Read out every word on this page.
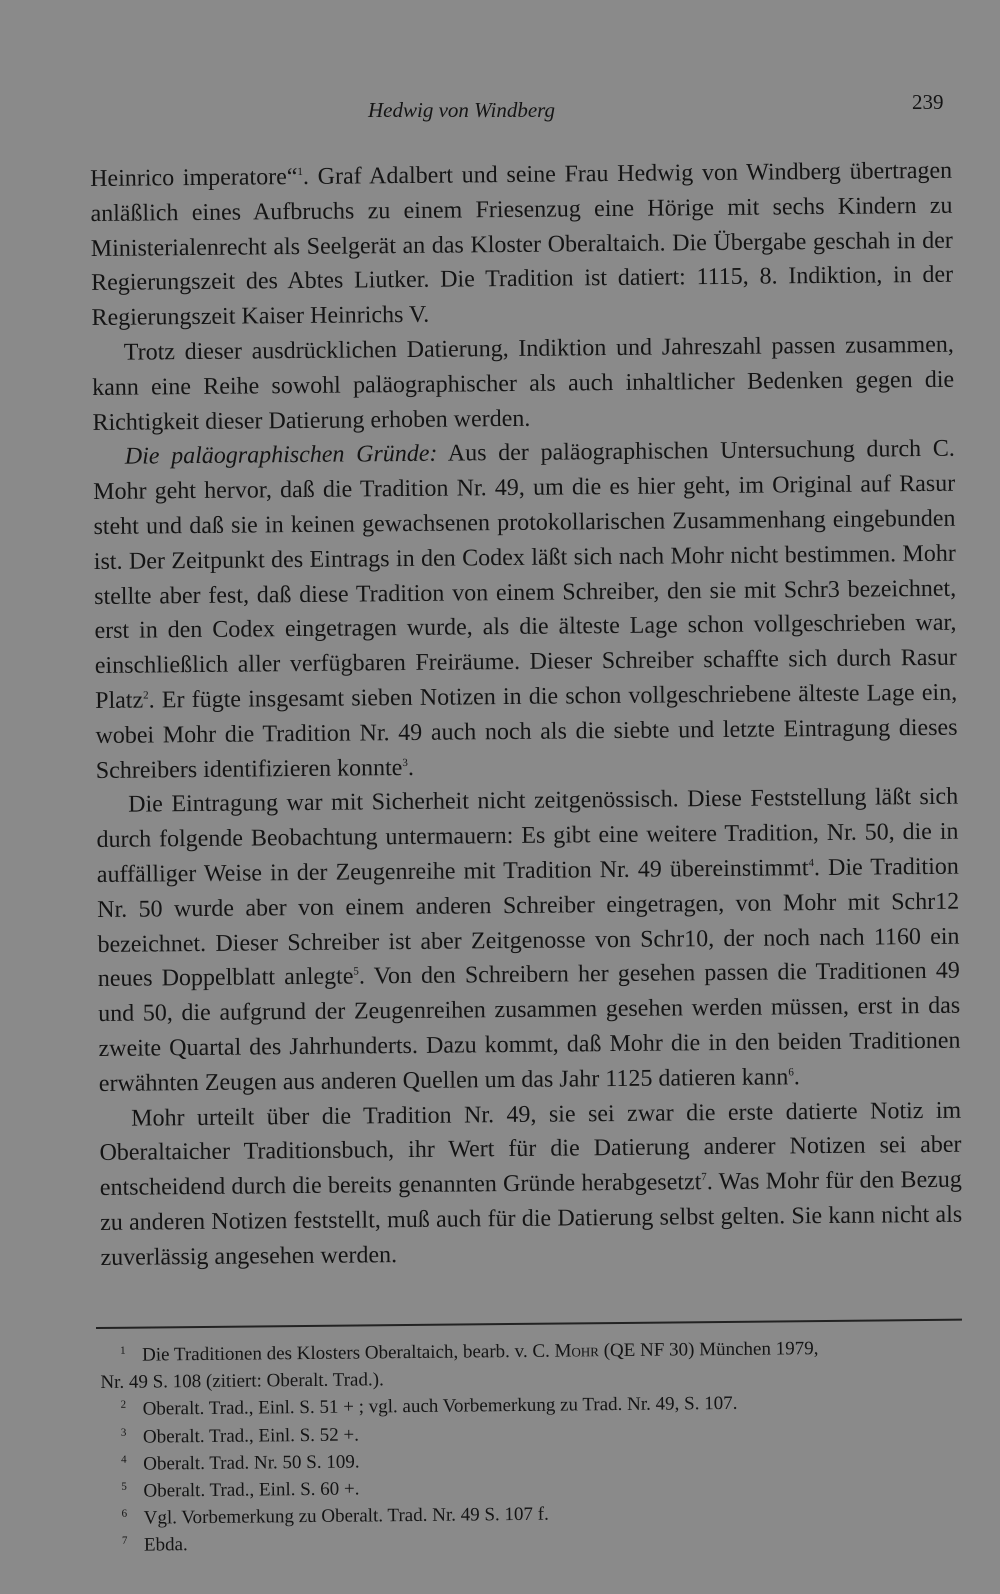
Hedwig von Windberg	239

Heinrico imperatore“$^1$. Graf Adalbert und seine Frau Hedwig von Windberg übertragen anläßlich eines Aufbruchs zu einem Friesenzug eine Hörige mit sechs Kindern zu Ministerialenrecht als Seelgerät an das Kloster Oberaltaich. Die Übergabe geschah in der Regierungszeit des Abtes Liutker. Die Tradition ist datiert: 1115, 8. Indiktion, in der Regierungszeit Kaiser Heinrichs V.

Trotz dieser ausdrücklichen Datierung, Indiktion und Jahreszahl passen zusammen, kann eine Reihe sowohl paläographischer als auch inhaltlicher Bedenken gegen die Richtigkeit dieser Datierung erhoben werden.

Die paläographischen Gründe: Aus der paläographischen Untersuchung durch C. Mohr geht hervor, daß die Tradition Nr. 49, um die es hier geht, im Original auf Rasur steht und daß sie in keinen gewachsenen protokollarischen Zusammenhang eingebunden ist. Der Zeitpunkt des Eintrags in den Codex läßt sich nach Mohr nicht bestimmen. Mohr stellte aber fest, daß diese Tradition von einem Schreiber, den sie mit Schr3 bezeichnet, erst in den Codex eingetragen wurde, als die älteste Lage schon vollgeschrieben war, einschließlich aller verfügbaren Freiräume. Dieser Schreiber schaffte sich durch Rasur Platz$^2$. Er fügte insgesamt sieben Notizen in die schon vollgeschriebene älteste Lage ein, wobei Mohr die Tradition Nr. 49 auch noch als die siebte und letzte Eintragung dieses Schreibers identifizieren konnte$^3$.

Die Eintragung war mit Sicherheit nicht zeitgenössisch. Diese Feststellung läßt sich durch folgende Beobachtung untermauern: Es gibt eine weitere Tradition, Nr. 50, die in auffälliger Weise in der Zeugenreihe mit Tradition Nr. 49 übereinstimmt$^4$. Die Tradition Nr. 50 wurde aber von einem anderen Schreiber eingetragen, von Mohr mit Schr12 bezeichnet. Dieser Schreiber ist aber Zeitgenosse von Schr10, der noch nach 1160 ein neues Doppelblatt anlegte$^5$. Von den Schreibern her gesehen passen die Traditionen 49 und 50, die aufgrund der Zeugenreihen zusammen gesehen werden müssen, erst in das zweite Quartal des Jahrhunderts. Dazu kommt, daß Mohr die in den beiden Traditionen erwähnten Zeugen aus anderen Quellen um das Jahr 1125 datieren kann$^6$.

Mohr urteilt über die Tradition Nr. 49, sie sei zwar die erste datierte Notiz im Oberaltaicher Traditionsbuch, ihr Wert für die Datierung anderer Notizen sei aber entscheidend durch die bereits genannten Gründe herabgesetzt$^7$. Was Mohr für den Bezug zu anderen Notizen feststellt, muß auch für die Datierung selbst gelten. Sie kann nicht als zuverlässig angesehen werden.

1 Die Traditionen des Klosters Oberaltaich, bearb. v. C. Mohr (QE NF 30) München 1979,
Nr. 49 S. 108 (zitiert: Oberalt. Trad.).

2 Oberalt. Trad., Einl. S. 51 + ; vgl. auch Vorbemerkung zu Trad. Nr. 49, S. 107.

3 Oberalt. Trad., Einl. S. 52 +.

4 Oberalt. Trad. Nr. 50 S. 109.

5 Oberalt. Trad., Einl. S. 60 +.

6 Vgl. Vorbemerkung zu Oberalt. Trad. Nr. 49 S. 107 f.

7 Ebda.
